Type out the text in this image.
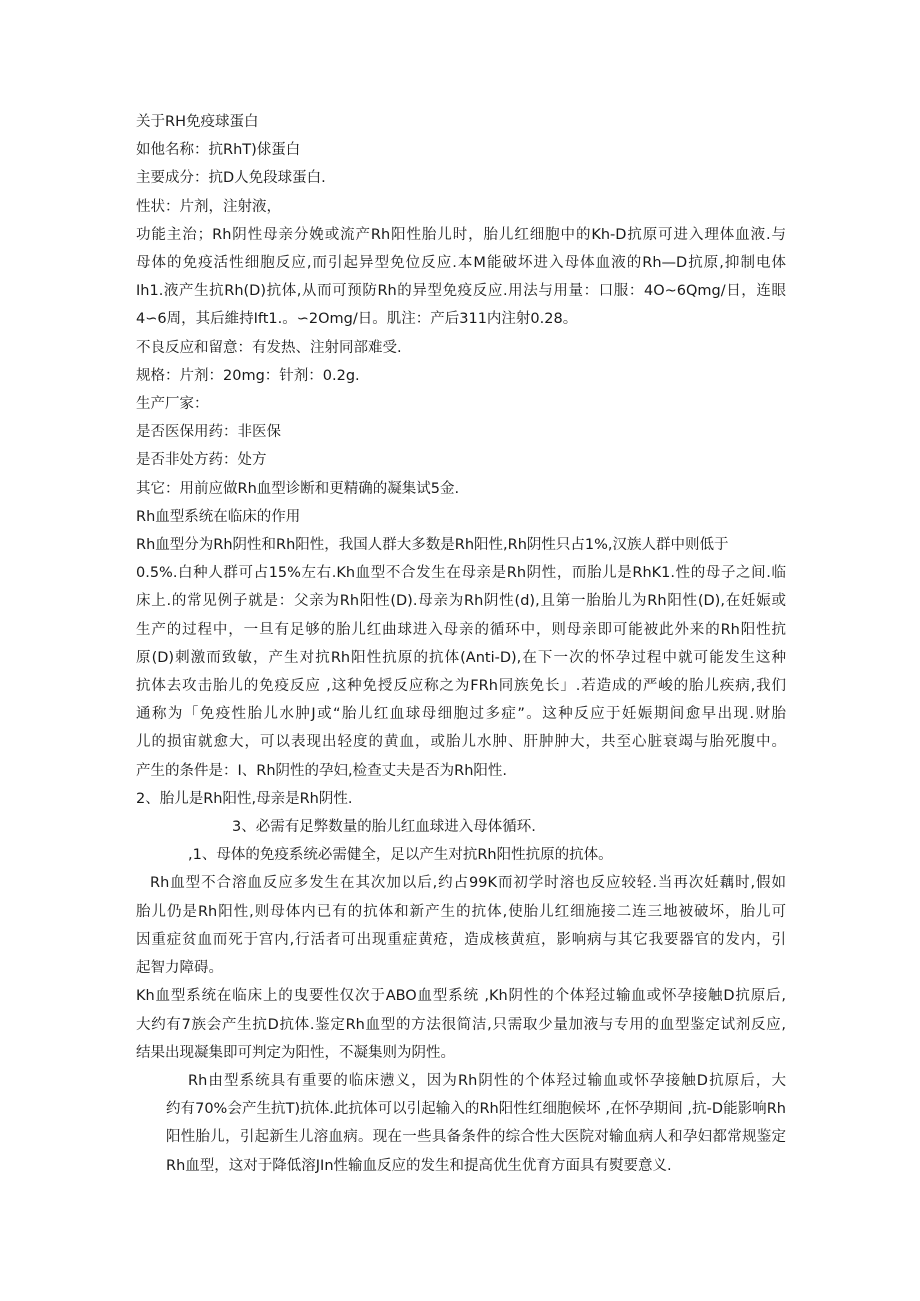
关于RH免疫球蛋白
如他名称：抗RhT)俅蛋白
主要成分：抗D人免段球蛋白.
性状：片剂，注射液，
功能主治；Rh阴性母亲分娩或流产Rh阳性胎儿时，胎儿红细胞中的Kh-D抗原可进入理体血液.与
母体的免疫活性细胞反应,而引起异型免位反应.本M能破坏进入母体血液的Rh—D抗原,抑制电体
Ih1.液产生抗Rh(D)抗体,从而可预防Rh的异型免疫反应.用法与用量：口服：4O~6Qmg/日，连眼
4∽6周，其后維持Ift1.。∽2Omg/日。肌注：产后311内注射0.28。
不良反应和留意：有发热、注射同部难受.
规格：片剂：20mg：针剂：0.2g.
生产厂家：
是否医保用药：非医保
是否非处方药：处方
其它：用前应做Rh血型诊断和更精确的凝集试5金.
Rh血型系统在临床的作用
Rh血型分为Rh阴性和Rh阳性，我国人群大多数是Rh阳性,Rh阴性只占1%,汉族人群中则低于
0.5%.白种人群可占15%左右.Kh血型不合发生在母亲是Rh阴性，而胎儿是RhK1.性的母子之间.临
床上.的常见例子就是：父亲为Rh阳性(D).母亲为Rh阴性(d),且第一胎胎儿为Rh阳性(D),在妊娠或
生产的过程中，一旦有足够的胎儿红曲球进入母亲的循环中，则母亲即可能被此外来的Rh阳性抗
原(D)刺激而致敏，产生对抗Rh阳性抗原的抗体(Anti-D),在下一次的怀孕过程中就可能发生这种
抗体去攻击胎儿的免疫反应 ,这种免授反应称之为FRh同族免长」.若造成的严峻的胎儿疾病,我们
通称为「免疫性胎儿水肿J或“胎儿红血球母细胞过多症”。这种反应于妊娠期间愈早出现.财胎
儿的损宙就愈大，可以表现出轻度的黄血，或胎儿水肿、肝肿肿大，共至心脏衰竭与胎死腹中。
产生的条件是：I、Rh阴性的孕妇,检查丈夫是否为Rh阳性.
2、胎儿是Rh阳性,母亲是Rh阴性.
3、必需有足弊数量的胎儿红血球进入母体循环.
,1、母体的免疫系统必需健全，足以产生对抗Rh阳性抗原的抗体。
Rh血型不合溶血反应多发生在其次加以后,约占99K而初学时溶也反应较轻.当再次妊藕时,假如
胎儿仍是Rh阳性,则母体内已有的抗体和新产生的抗体,使胎儿红细施接二连三地被破坏，胎儿可
因重症贫血而死于宫内,行活者可出现重症黄疮，造成核黄疸，影响病与其它我要器官的发内，引
起智力障碍。
Kh血型系统在临床上的曳要性仅次于ABO血型系统 ,Kh阴性的个体羟过输血或怀孕接触D抗原后,
大约有7族会产生抗D抗体.鉴定Rh血型的方法很简洁,只需取少量加液与专用的血型鉴定试剂反应,
结果出现凝集即可判定为阳性，不凝集则为阴性。
Rh由型系统具有重要的临床懑义，因为Rh阴性的个体羟过输血或怀孕接触D抗原后，大
约有70%会产生抗T)抗体.此抗体可以引起输入的Rh阳性红细胞候坏 ,在怀孕期间 ,抗-D能影响Rh
阳性胎儿，引起新生儿溶血病。现在一些具备条件的综合性大医院对输血病人和孕妇都常规鉴定
Rh血型，这对于降低溶JIn性输血反应的发生和提高优生优育方面具有熨要意义.
